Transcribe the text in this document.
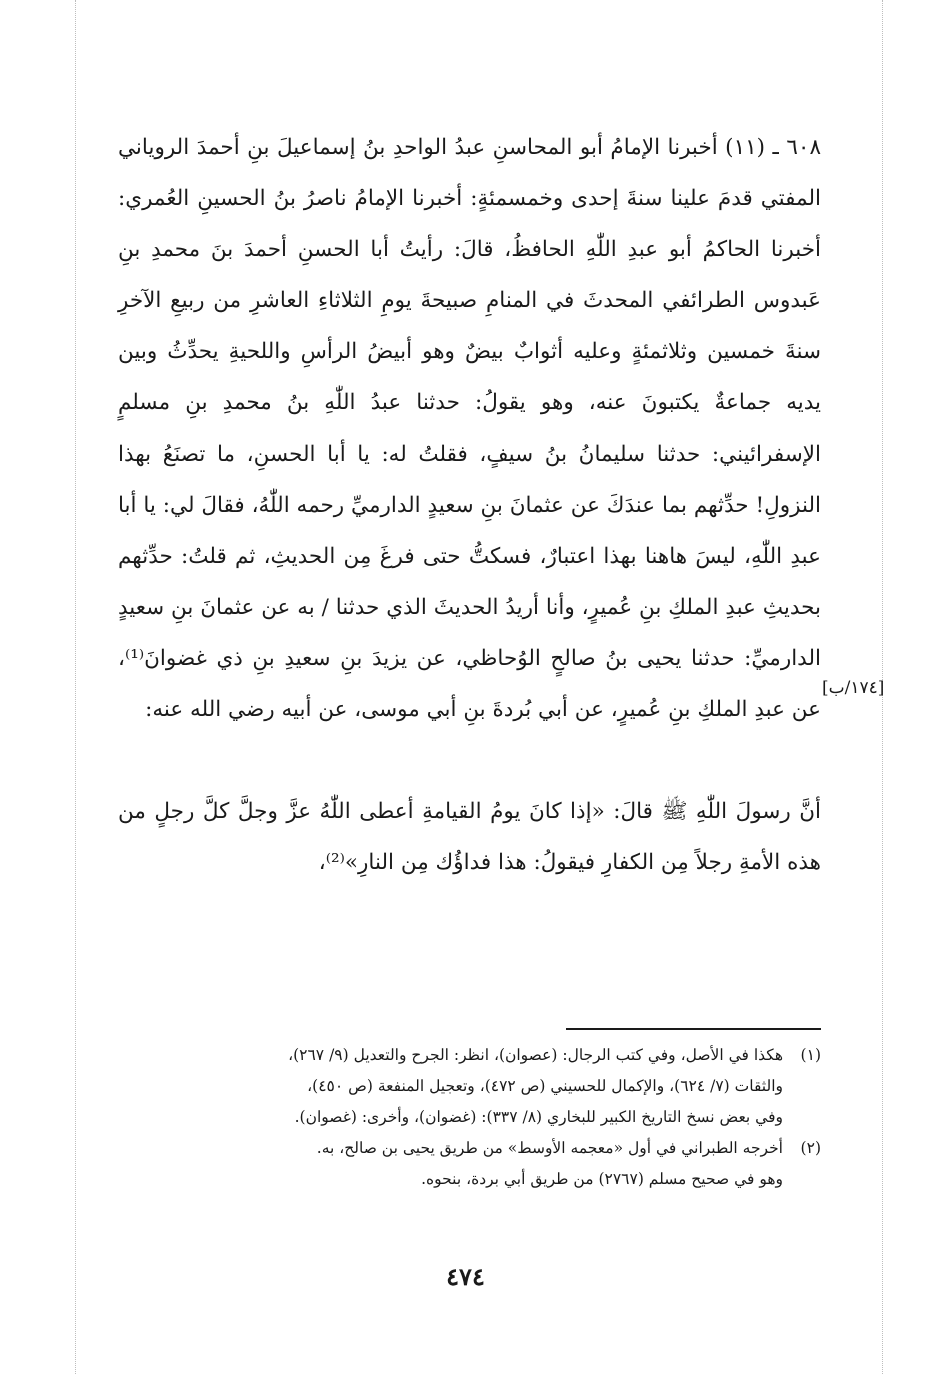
٦٠٨ ـ (١١) أخبرنا الإمامُ أبو المحاسنِ عبدُ الواحدِ بنُ إسماعيلَ بنِ أحمدَ الروياني المفتي قدمَ علينا سنةَ إحدى وخمسمئةٍ: أخبرنا الإمامُ ناصرُ بنُ الحسينِ العُمري: أخبرنا الحاكمُ أبو عبدِ اللّٰهِ الحافظُ، قالَ: رأيتُ أبا الحسنِ أحمدَ بنَ محمدِ بنِ عَبدوس الطرائفي المحدثَ في المنامِ صبيحةَ يومِ الثلاثاءِ العاشرِ من ربيعِ الآخرِ سنةَ خمسين وثلاثمئةٍ وعليه أثوابٌ بيضٌ وهو أبيضُ الرأسِ واللحيةِ يحدِّثُ وبين يديه جماعةٌ يكتبونَ عنه، وهو يقولُ: حدثنا عبدُ اللّٰهِ بنُ محمدِ بنِ مسلمٍ الإسفرائيني: حدثنا سليمانُ بنُ سيفٍ، فقلتُ له: يا أبا الحسنِ، ما تصنَعُ بهذا النزولِ! حدِّثهم بما عندَكَ عن عثمانَ بنِ سعيدٍ الدارميِّ رحمه اللّٰهُ، فقالَ لي: يا أبا عبدِ اللّٰهِ، ليسَ هاهنا بهذا اعتبارٌ، فسكتُّ حتى فرغَ مِن الحديثِ، ثم قلتُ: حدِّثهم بحديثِ عبدِ الملكِ بنِ عُميرٍ، وأنا أريدُ الحديثَ الذي حدثنا / به عن عثمانَ بنِ سعيدٍ الدارميِّ: حدثنا يحيى بنُ صالحٍ الوُحاظي، عن يزيدَ بنِ سعيدِ بنِ ذي غضوانَ⁽¹⁾، عن عبدِ الملكِ بنِ عُميرٍ، عن أبي بُردةَ بنِ أبي موسى، عن أبيه رضي الله عنه:

أنَّ رسولَ اللّٰهِ ﷺ قالَ: «إذا كانَ يومُ القيامةِ أعطى اللّٰهُ عزَّ وجلَّ كلَّ رجلٍ من هذه الأمةِ رجلاً مِن الكفارِ فيقولُ: هذا فداؤُك مِن النارِ»⁽²⁾،

[١٧٤/ب]
(١)
هكذا في الأصل، وفي كتب الرجال: (عصوان)، انظر: الجرح والتعديل (٩/ ٢٦٧)،
والثقات (٧/ ٦٢٤)، والإكمال للحسيني (ص ٤٧٢)، وتعجيل المنفعة (ص ٤٥٠)،
وفي بعض نسخ التاريخ الكبير للبخاري (٨/ ٣٣٧): (غضوان)، وأخرى: (غصوان).
(٢)
أخرجه الطبراني في أول «معجمه الأوسط» من طريق يحيى بن صالح، به.
وهو في صحيح مسلم (٢٧٦٧) من طريق أبي بردة، بنحوه.
٤٧٤
